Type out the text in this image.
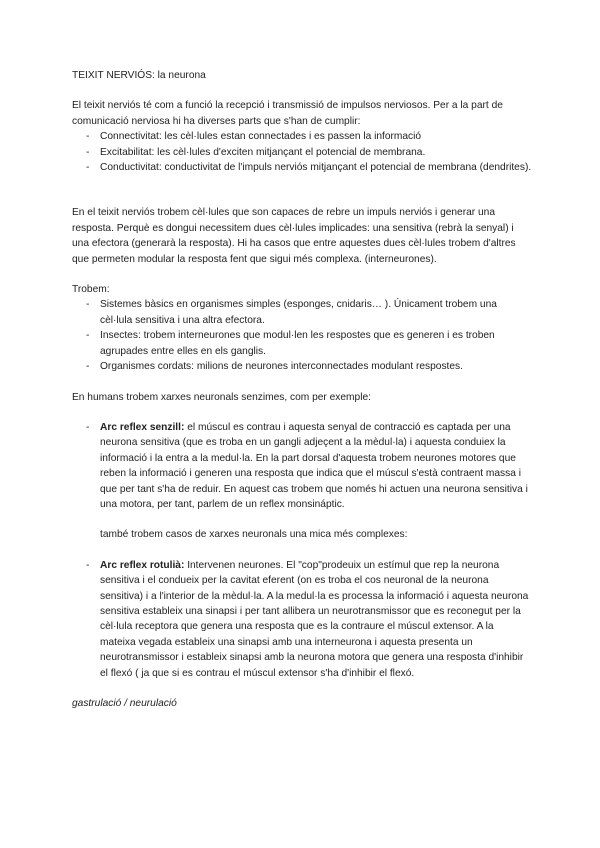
TEIXIT NERVIÓS: la neurona

El teixit nerviós té com a funció la recepció i transmissió de impulsos nerviosos. Per a la part de comunicació nerviosa hi ha diverses parts que s'han de cumplir:

- Connectivitat: les cèl·lules estan connectades i es passen la informació
- Excitabilitat: les cèl·lules d'exciten mitjançant el potencial de membrana.
- Conductivitat: conductivitat de l'impuls nerviós mitjançant el potencial de membrana (dendrites).

En el teixit nerviós trobem cèl·lules que son capaces de rebre un impuls nerviós i generar una resposta. Perquè es dongui necessitem dues cèl·lules implicades: una sensitiva (rebrà la senyal) i una efectora (generarà la resposta). Hi ha casos que entre aquestes dues cèl·lules trobem d'altres que permeten modular la resposta fent que sigui més complexa. (interneurones).

Trobem:

- Sistemes bàsics en organismes simples (esponges, cnidaris… ). Únicament trobem una cèl·lula sensitiva i una altra efectora.
- Insectes: trobem interneurones que modul·len les respostes que es generen i es troben agrupades entre elles en els ganglis.
- Organismes cordats: milions de neurones interconnectades modulant respostes.

En humans trobem xarxes neuronals senzimes, com per exemple:

- Arc reflex senzill: el múscul es contrau i aquesta senyal de contracció es captada per una neurona sensitiva (que es troba en un gangli adjeçent a la mèdul·la) i aquesta conduiex la informació i la entra a la medul·la. En la part dorsal d'aquesta trobem neurones motores que reben la informació i generen una resposta que indica que el múscul s'està contraent massa i que per tant s'ha de reduir. En aquest cas trobem que només hi actuen una neurona sensitiva i una motora, per tant, parlem de un reflex monsináptic.

també trobem casos de xarxes neuronals una mica més complexes:

- Arc reflex rotulià: Intervenen neurones. El "cop"prodeuix un estímul que rep la neurona sensitiva i el condueix per la cavitat eferent (on es troba el cos neuronal de la neurona sensitiva) i a l'interior de la mèdul·la. A la medul·la es processa la informació i aquesta neurona sensitiva estableix una sinapsi i per tant allibera un neurotransmissor que es reconegut per la cèl·lula receptora que genera una resposta que es la contraure el múscul extensor. A la mateixa vegada estableix una sinapsi amb una interneurona i aquesta presenta un neurotransmissor i estableix sinapsi amb la neurona motora que genera una resposta d'inhibir el flexó ( ja que si es contrau el múscul extensor s'ha d'inhibir el flexó.

gastrulació / neurulació
